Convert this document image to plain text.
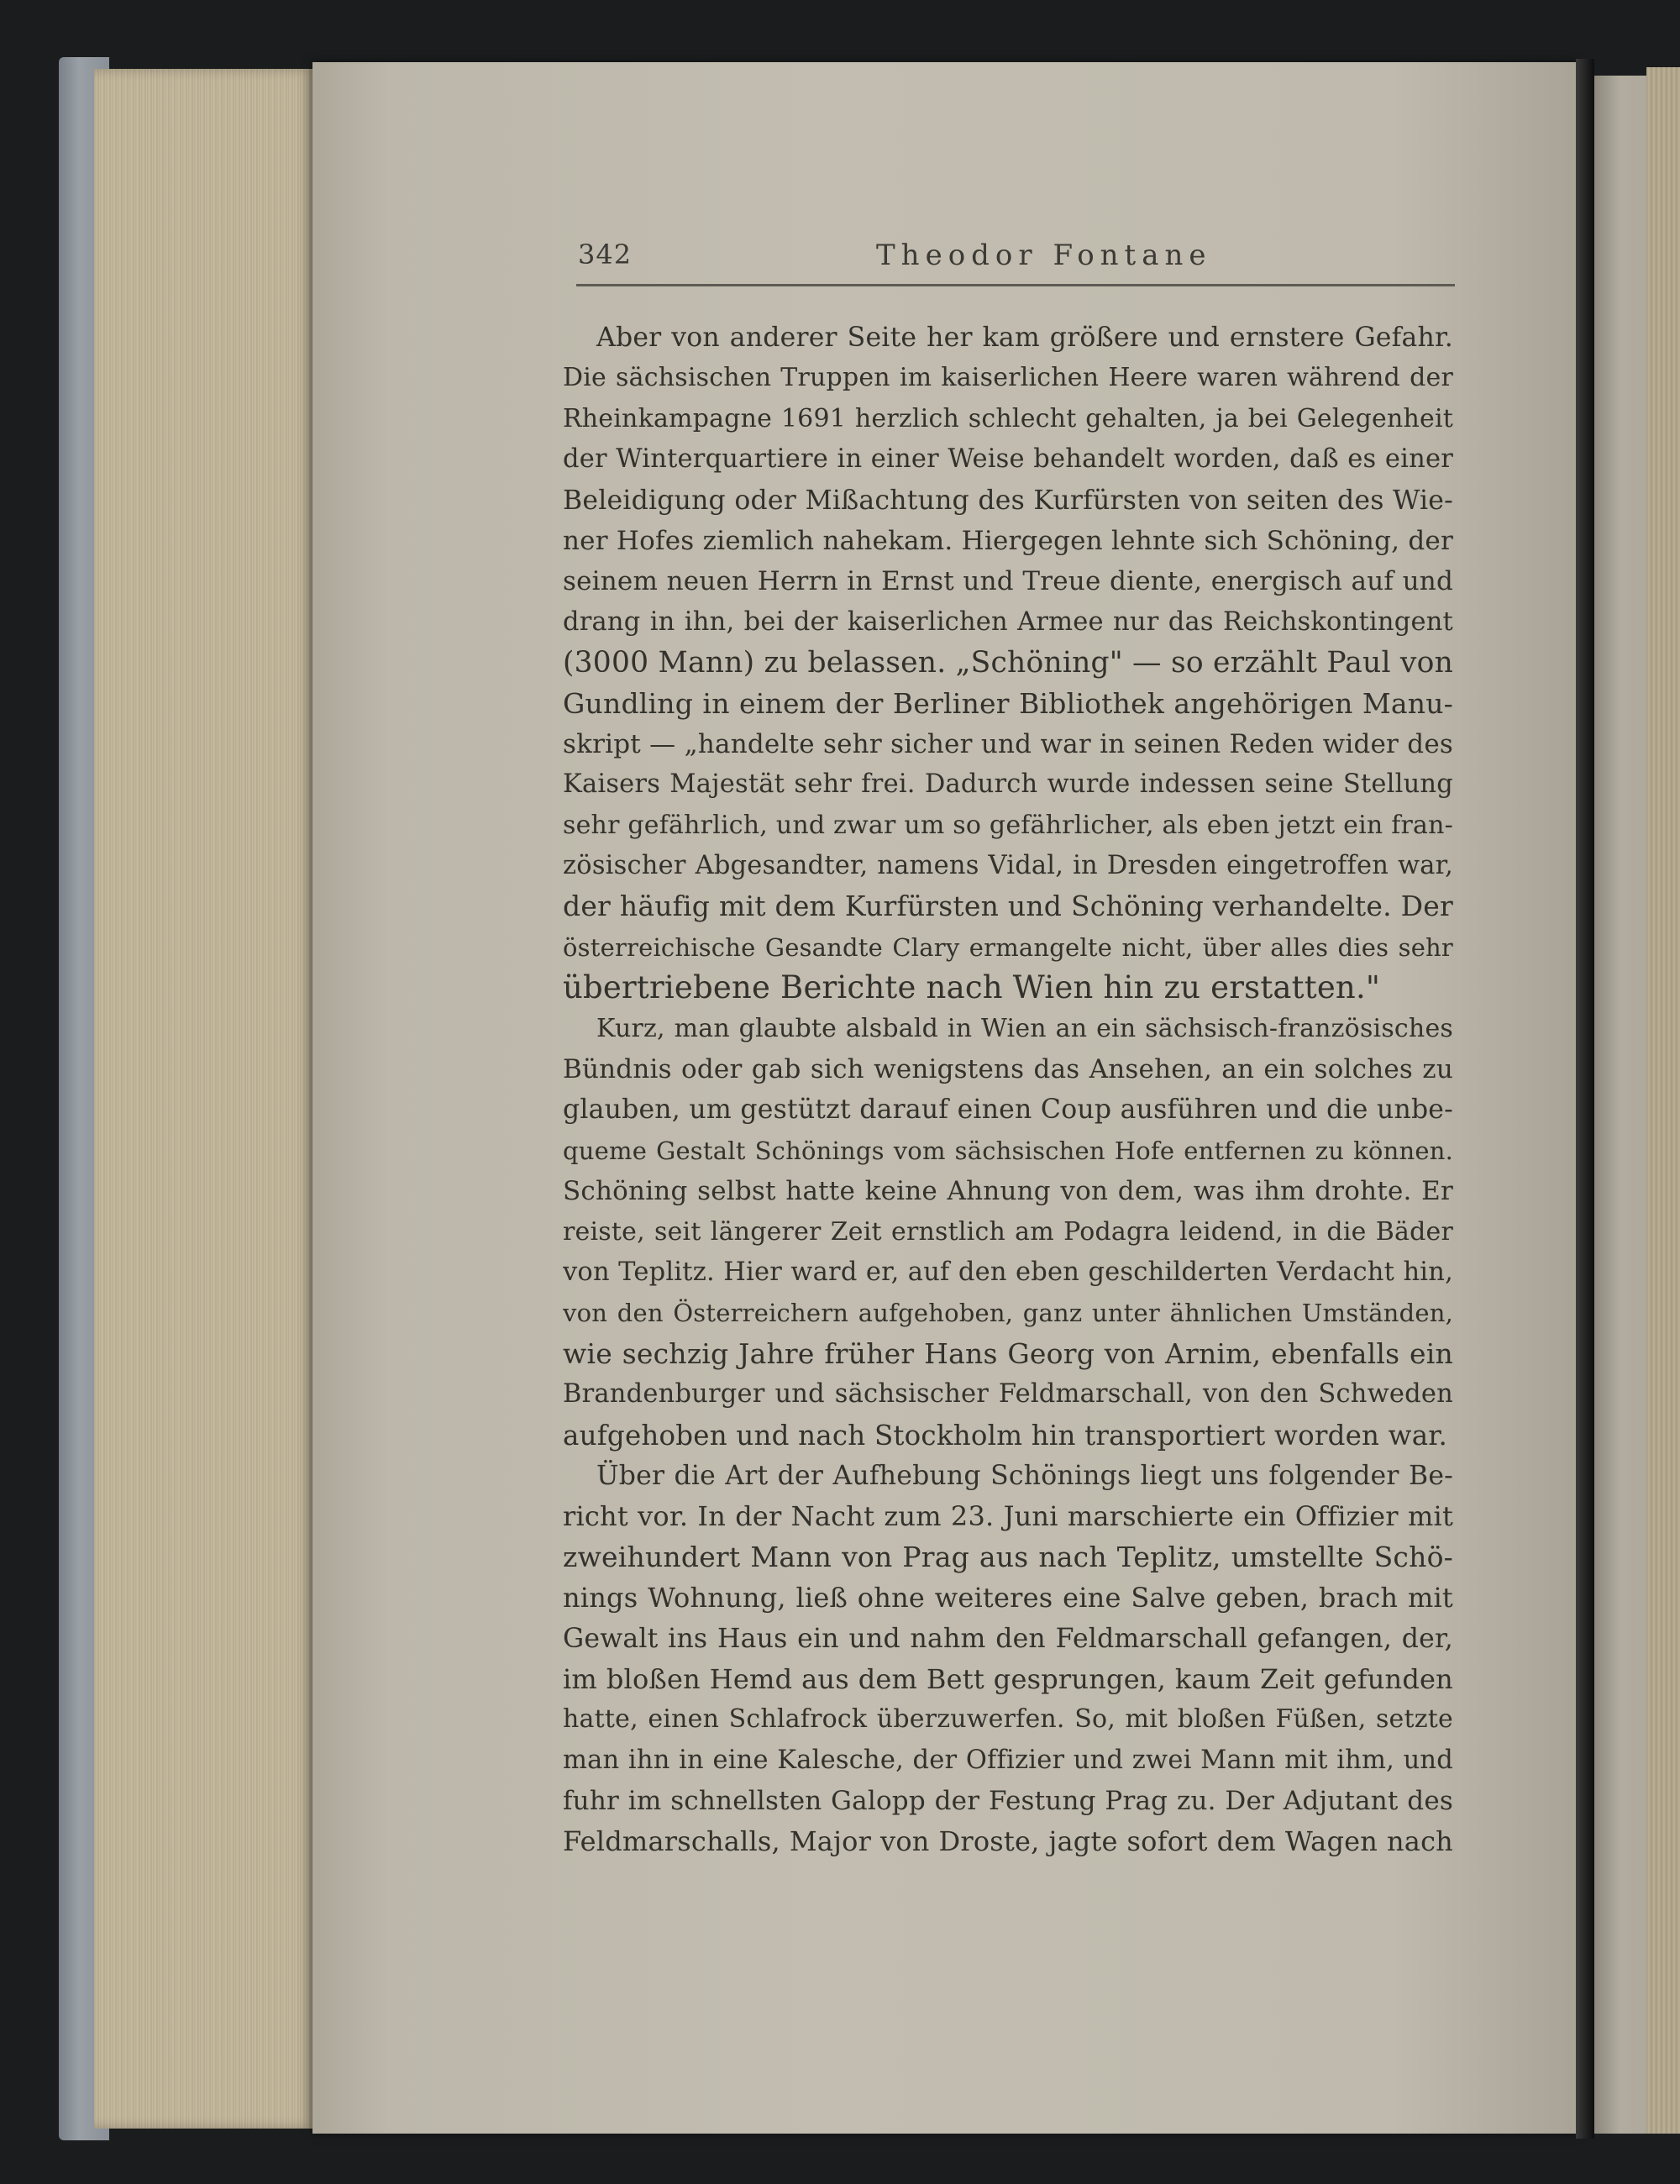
342	Theodor Fontane
Aber von anderer Seite her kam größere und ernstere Gefahr.
Die sächsischen Truppen im kaiserlichen Heere waren während der
Rheinkampagne 1691 herzlich schlecht gehalten, ja bei Gelegenheit
der Winterquartiere in einer Weise behandelt worden, daß es einer
Beleidigung oder Mißachtung des Kurfürsten von seiten des Wie-
ner Hofes ziemlich nahekam. Hiergegen lehnte sich Schöning, der
seinem neuen Herrn in Ernst und Treue diente, energisch auf und
drang in ihn, bei der kaiserlichen Armee nur das Reichskontingent
(3000 Mann) zu belassen. „Schöning" — so erzählt Paul von
Gundling in einem der Berliner Bibliothek angehörigen Manu-
skript — „handelte sehr sicher und war in seinen Reden wider des
Kaisers Majestät sehr frei. Dadurch wurde indessen seine Stellung
sehr gefährlich, und zwar um so gefährlicher, als eben jetzt ein fran-
zösischer Abgesandter, namens Vidal, in Dresden eingetroffen war,
der häufig mit dem Kurfürsten und Schöning verhandelte. Der
österreichische Gesandte Clary ermangelte nicht, über alles dies sehr
übertriebene Berichte nach Wien hin zu erstatten."
Kurz, man glaubte alsbald in Wien an ein sächsisch-französisches
Bündnis oder gab sich wenigstens das Ansehen, an ein solches zu
glauben, um gestützt darauf einen Coup ausführen und die unbe-
queme Gestalt Schönings vom sächsischen Hofe entfernen zu können.
Schöning selbst hatte keine Ahnung von dem, was ihm drohte. Er
reiste, seit längerer Zeit ernstlich am Podagra leidend, in die Bäder
von Teplitz. Hier ward er, auf den eben geschilderten Verdacht hin,
von den Österreichern aufgehoben, ganz unter ähnlichen Umständen,
wie sechzig Jahre früher Hans Georg von Arnim, ebenfalls ein
Brandenburger und sächsischer Feldmarschall, von den Schweden
aufgehoben und nach Stockholm hin transportiert worden war.
Über die Art der Aufhebung Schönings liegt uns folgender Be-
richt vor. In der Nacht zum 23. Juni marschierte ein Offizier mit
zweihundert Mann von Prag aus nach Teplitz, umstellte Schö-
nings Wohnung, ließ ohne weiteres eine Salve geben, brach mit
Gewalt ins Haus ein und nahm den Feldmarschall gefangen, der,
im bloßen Hemd aus dem Bett gesprungen, kaum Zeit gefunden
hatte, einen Schlafrock überzuwerfen. So, mit bloßen Füßen, setzte
man ihn in eine Kalesche, der Offizier und zwei Mann mit ihm, und
fuhr im schnellsten Galopp der Festung Prag zu. Der Adjutant des
Feldmarschalls, Major von Droste, jagte sofort dem Wagen nach
